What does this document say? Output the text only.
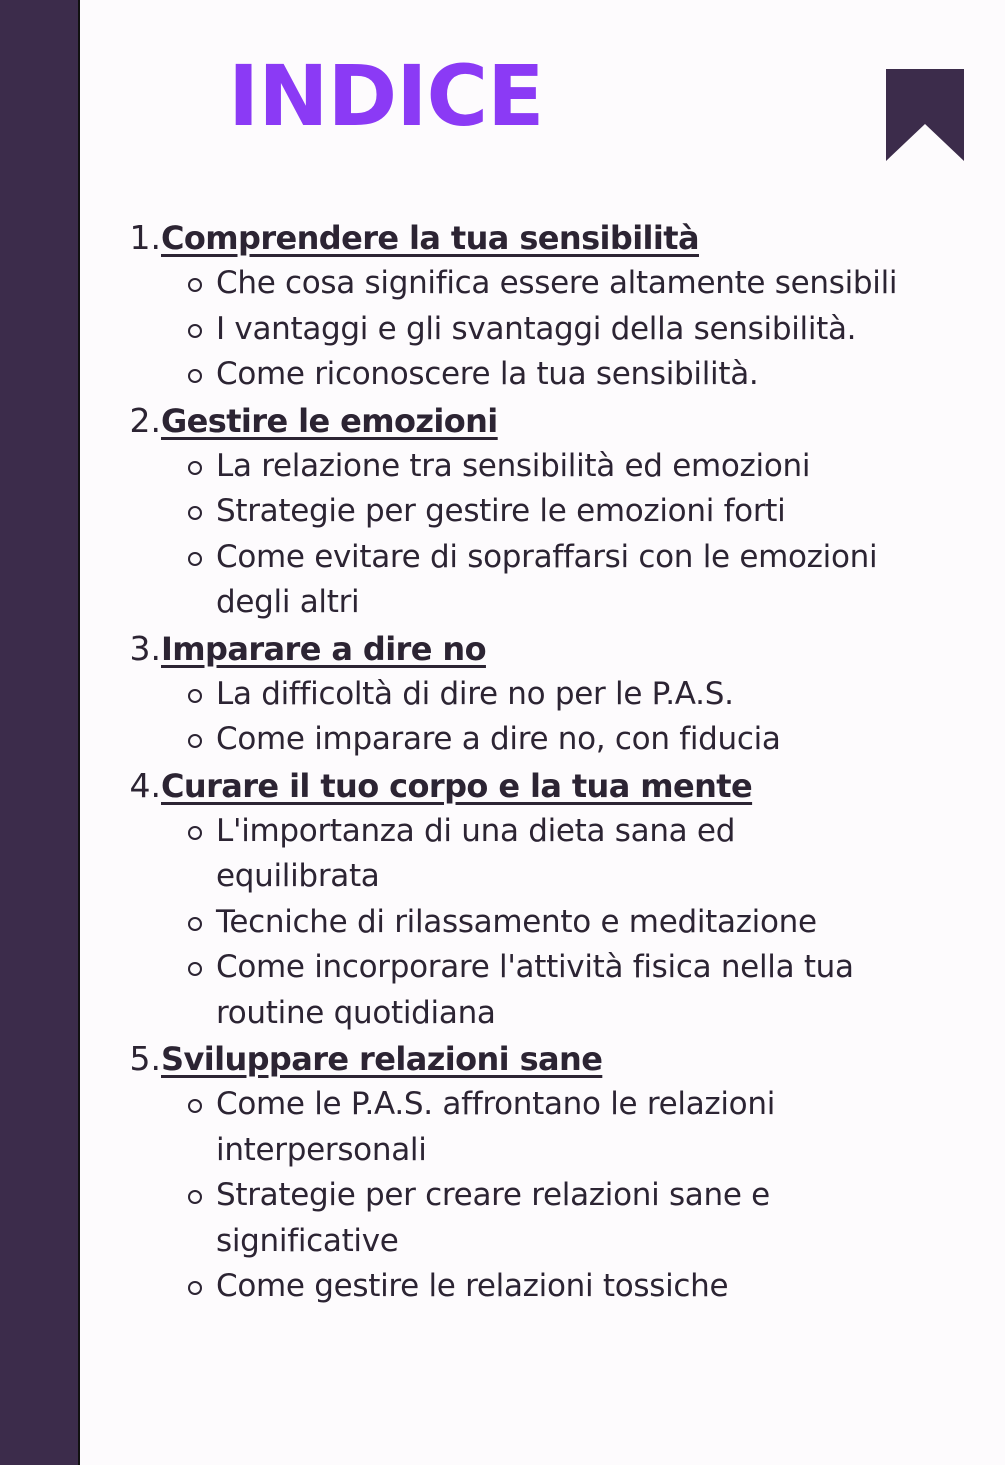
INDICE
1. Comprendere la tua sensibilità
Che cosa significa essere altamente sensibili
I vantaggi e gli svantaggi della sensibilità.
Come riconoscere la tua sensibilità.
2. Gestire le emozioni
La relazione tra sensibilità ed emozioni
Strategie per gestire le emozioni forti
Come evitare di sopraffarsi con le emozioni degli altri
3. Imparare a dire no
La difficoltà di dire no per le P.A.S.
Come imparare a dire no, con fiducia
4. Curare il tuo corpo e la tua mente
L'importanza di una dieta sana ed equilibrata
Tecniche di rilassamento e meditazione
Come incorporare l'attività fisica nella tua routine quotidiana
5. Sviluppare relazioni sane
Come le P.A.S. affrontano le relazioni interpersonali
Strategie per creare relazioni sane e significative
Come gestire le relazioni tossiche
